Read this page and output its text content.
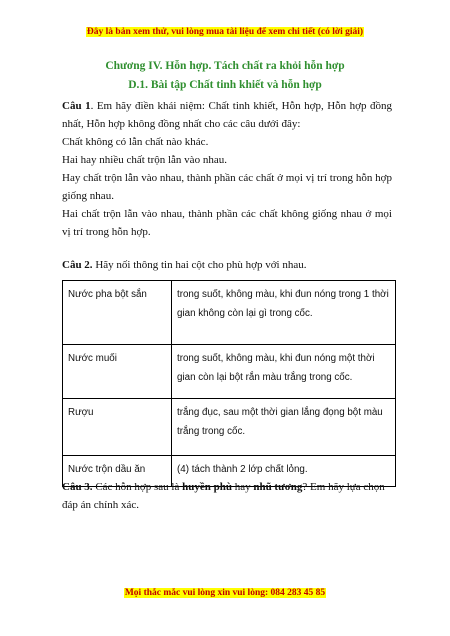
Đây là bản xem thử, vui lòng mua tài liệu để xem chi tiết (có lời giải)
Chương IV. Hỗn hợp. Tách chất ra khỏi hỗn hợp
D.1. Bài tập Chất tinh khiết và hỗn hợp

Câu 1. Em hãy điền khái niệm: Chất tinh khiết, Hỗn hợp, Hỗn hợp đồng nhất, Hỗn hợp không đồng nhất cho các câu dưới đây:

Chất không có lẫn chất nào khác.

Hai hay nhiều chất trộn lẫn vào nhau.

Hay chất trộn lẫn vào nhau, thành phần các chất ở mọi vị trí trong hỗn hợp giống nhau.

Hai chất trộn lẫn vào nhau, thành phần các chất không giống nhau ở mọi vị trí trong hỗn hợp.

Câu 2. Hãy nối thông tin hai cột cho phù hợp với nhau.
Nước pha bột sắn	trong suốt, không màu, khi đun nóng trong 1 thời gian không còn lại gì trong cốc.
Nước muối	trong suốt, không màu, khi đun nóng một thời gian còn lại bột rắn màu trắng trong cốc.
Rượu	trắng đục, sau một thời gian lắng đọng bột màu trắng trong cốc.
Nước trộn dầu ăn	(4) tách thành 2 lớp chất lỏng.
Câu 3. Các hỗn hợp sau là huyền phù hay nhũ tương? Em hãy lựa chọn đáp án chính xác.
Mọi thắc mắc vui lòng xin vui lòng: 084 283 45 85
